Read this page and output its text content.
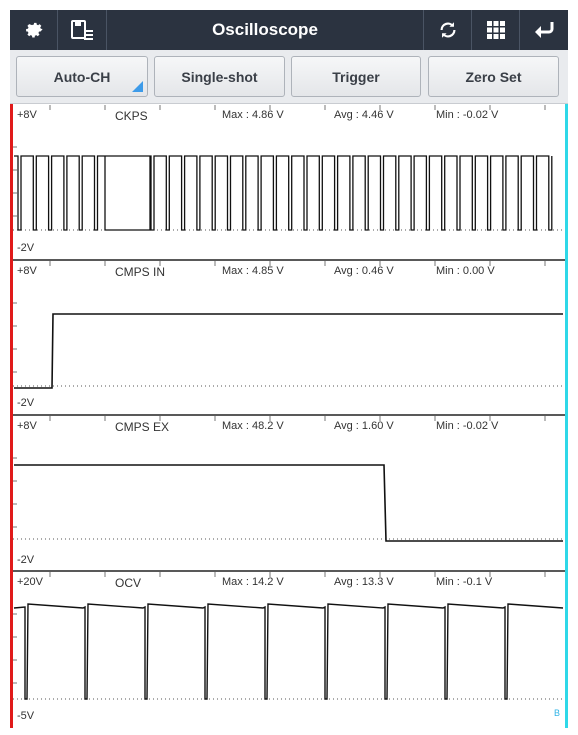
Oscilloscope
Auto-CH	Single-shot	Trigger	Zero Set
+8V	CKPS	Max : 4.86 V	Avg : 4.46 V	Min : -0.02 V
-2V
+8V	CMPS IN	Max : 4.85 V	Avg : 0.46 V	Min : 0.00 V
-2V
+8V	CMPS EX	Max : 48.2 V	Avg : 1.60 V	Min : -0.02 V
-2V
+20V	OCV	Max : 14.2 V	Avg : 13.3 V	Min : -0.1 V
-5V	B
